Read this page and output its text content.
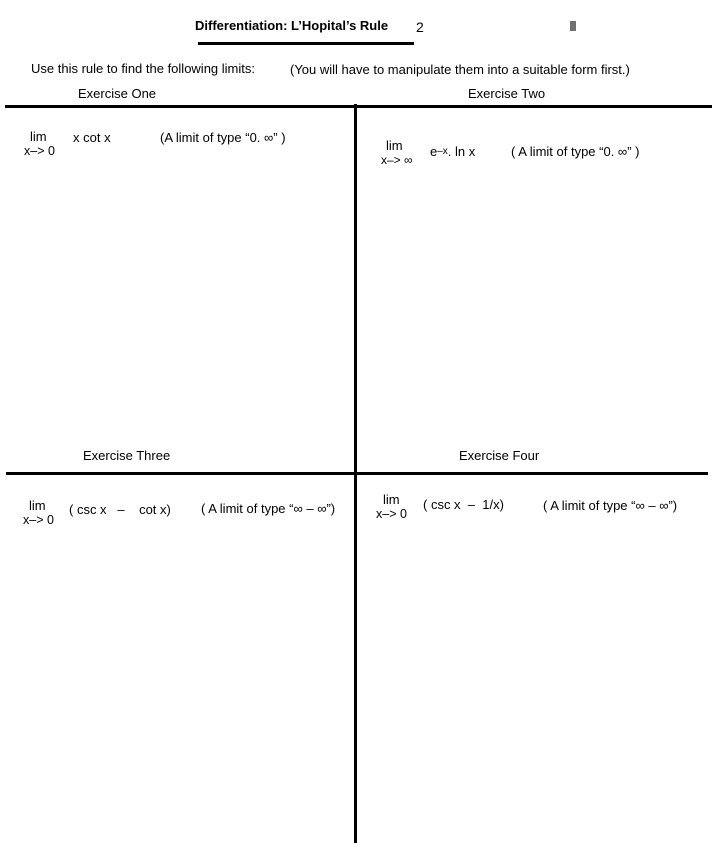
Differentiation: L’Hopital’s Rule 2
Use this rule to find the following limits:	(You will have to manipulate them into a suitable form first.)
Exercise One
lim
x–> 0
x cot x	(A limit of type “0. ∞” )
Exercise Two
lim
x–> ∞
$e^{-x}$. ln x	( A limit of type “0. ∞” )
Exercise Three
lim
x–> 0
( csc x   –    cot x) ( A limit of type “∞ – ∞”)
Exercise Four
lim
x–> 0
( csc x  –  1/x)	( A limit of type “∞ – ∞”)
